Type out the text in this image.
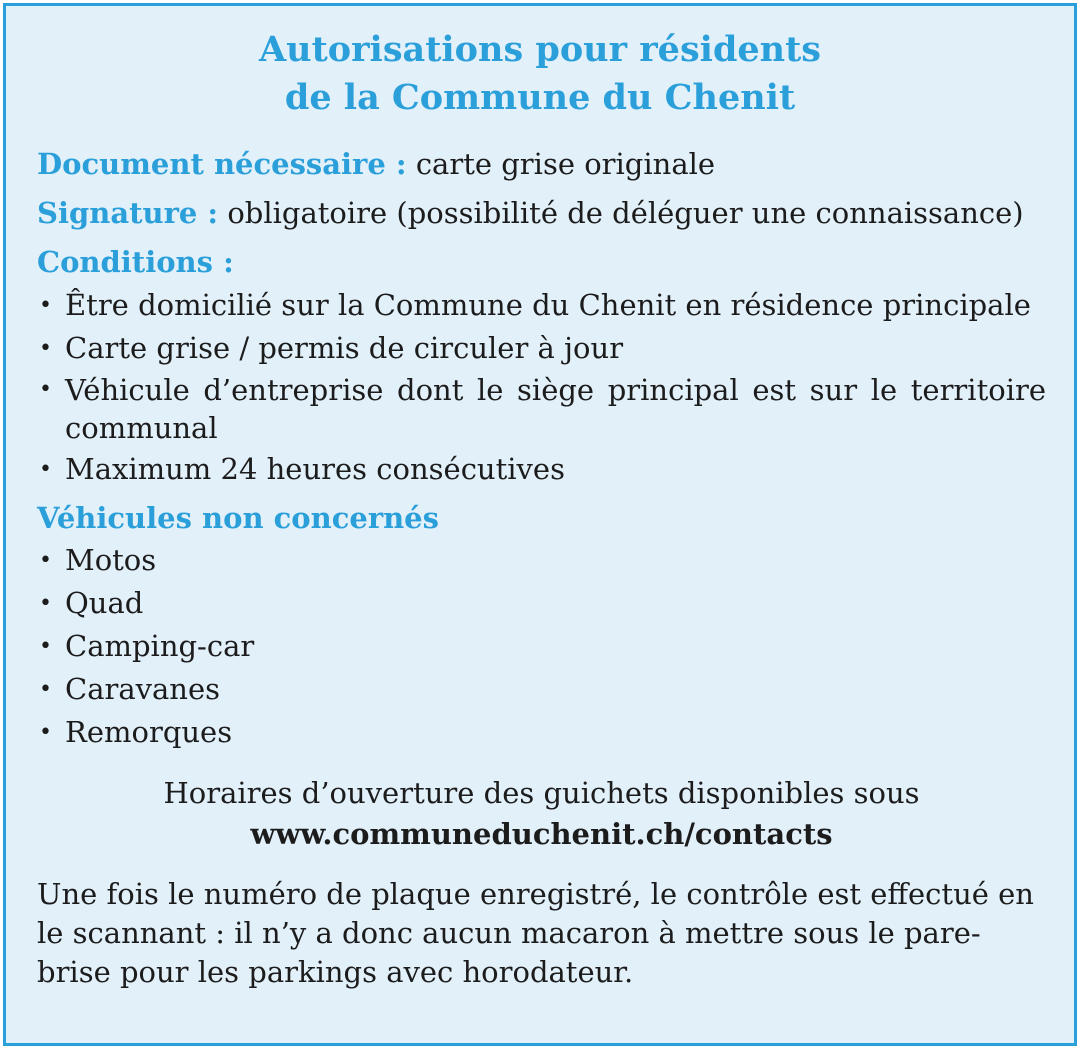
Autorisations pour résidents
de la Commune du Chenit

Document nécessaire : carte grise originale

Signature : obligatoire (possibilité de déléguer une connaissance)

Conditions :

• Être domicilié sur la Commune du Chenit en résidence principale
• Carte grise / permis de circuler à jour
• Véhicule d’entreprise dont le siège principal est sur le territoire communal
• Maximum 24 heures consécutives

Véhicules non concernés

• Motos
• Quad
• Camping-car
• Caravanes
• Remorques

Horaires d’ouverture des guichets disponibles sous

www.communeduchenit.ch/contacts

Une fois le numéro de plaque enregistré, le contrôle est effectué en le scannant : il n’y a donc aucun macaron à mettre sous le pare-brise pour les parkings avec horodateur.
